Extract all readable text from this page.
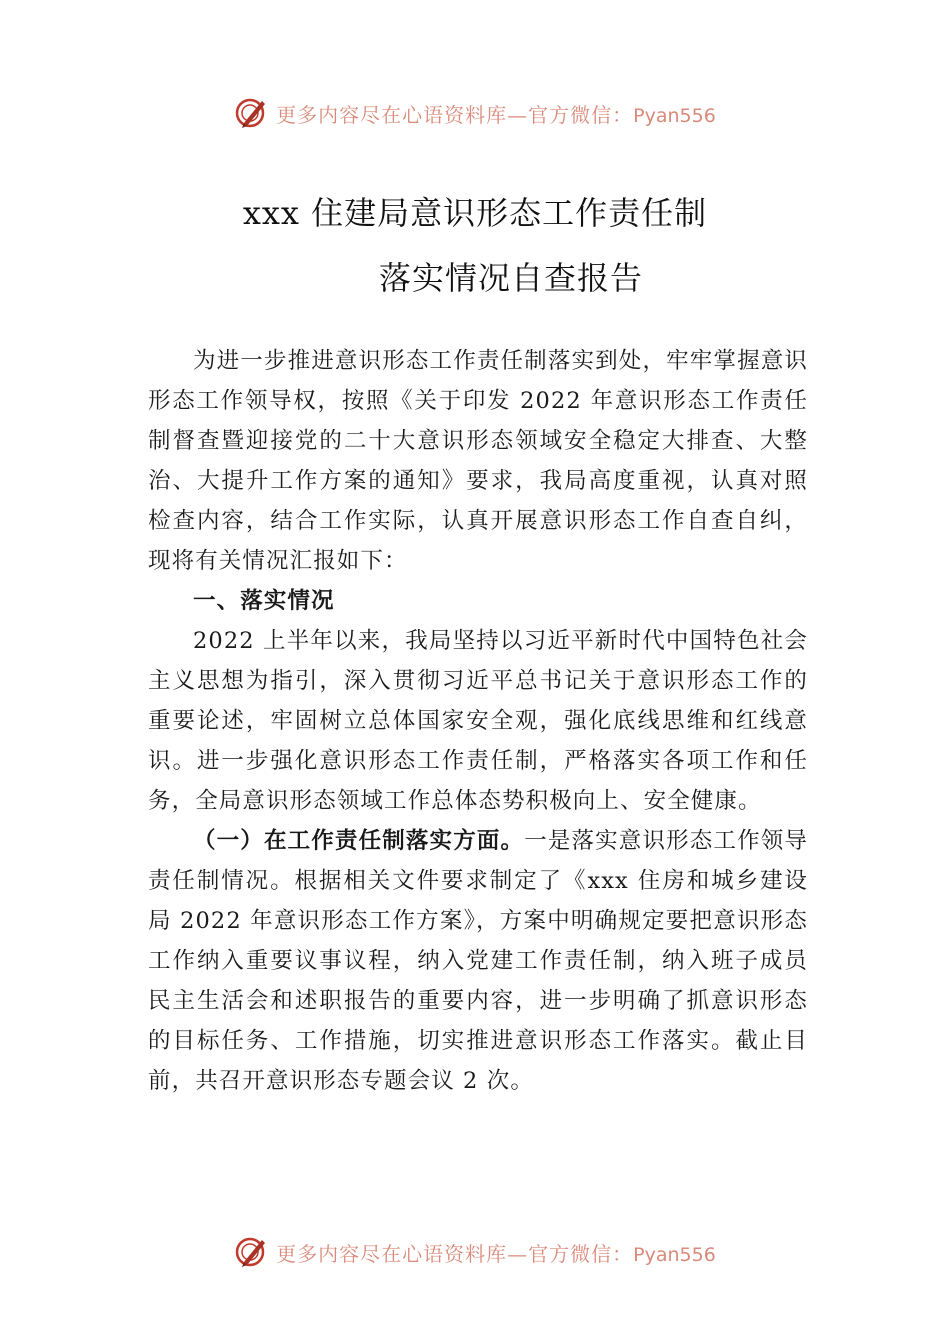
更多内容尽在心语资料库—官方微信：Pyan556
xxx 住建局意识形态工作责任制
落实情况自查报告

为进一步推进意识形态工作责任制落实到处，牢牢掌握意识形态工作领导权，按照《关于印发 2022 年意识形态工作责任制督查暨迎接党的二十大意识形态领域安全稳定大排查、大整治、大提升工作方案的通知》要求，我局高度重视，认真对照检查内容，结合工作实际，认真开展意识形态工作自查自纠，现将有关情况汇报如下：

一、落实情况

2022 上半年以来，我局坚持以习近平新时代中国特色社会主义思想为指引，深入贯彻习近平总书记关于意识形态工作的重要论述，牢固树立总体国家安全观，强化底线思维和红线意识。进一步强化意识形态工作责任制，严格落实各项工作和任务，全局意识形态领域工作总体态势积极向上、安全健康。

（一）在工作责任制落实方面。一是落实意识形态工作领导责任制情况。根据相关文件要求制定了《xxx 住房和城乡建设局 2022 年意识形态工作方案》，方案中明确规定要把意识形态工作纳入重要议事议程，纳入党建工作责任制，纳入班子成员民主生活会和述职报告的重要内容，进一步明确了抓意识形态的目标任务、工作措施，切实推进意识形态工作落实。截止目前，共召开意识形态专题会议 2 次。

更多内容尽在心语资料库—官方微信：Pyan556
